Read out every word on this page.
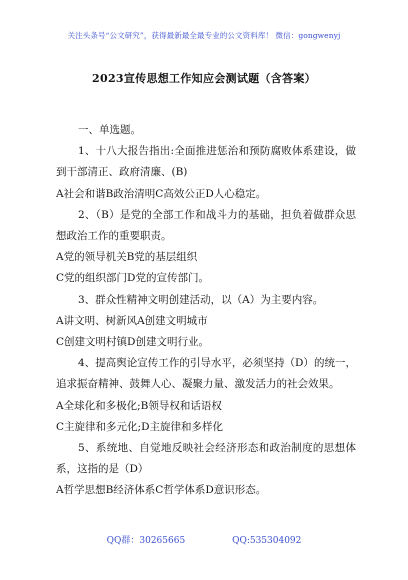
关注头条号“公文研究”，获得最新最全最专业的公文资料库！ 微信：gongwenyj
2023宣传思想工作知应会测试题（含答案）

一、单选题。

1、十八大报告指出:全面推进惩治和预防腐败体系建设，做到干部清正、政府清廉、(B)

A社会和谐B政治清明C高效公正D人心稳定。

2、（B）是党的全部工作和战斗力的基础，担负着做群众思想政治工作的重要职责。

A党的领导机关B党的基层组织

C党的组织部门D党的宣传部门。

3、群众性精神文明创建活动，以（A）为主要内容。

A讲文明、树新风A创建文明城市

C创建文明村镇D创建文明行业。

4、提高舆论宣传工作的引导水平，必须坚持（D）的统一，追求振奋精神、鼓舞人心、凝聚力量、激发活力的社会效果。

A全球化和多极化;B领导权和话语权

C主旋律和多元化;D主旋律和多样化

5、系统地、自觉地反映社会经济形态和政治制度的思想体系，这指的是（D）

A哲学思想B经济体系C哲学体系D意识形态。

QQ群：30265665	QQ:535304092
